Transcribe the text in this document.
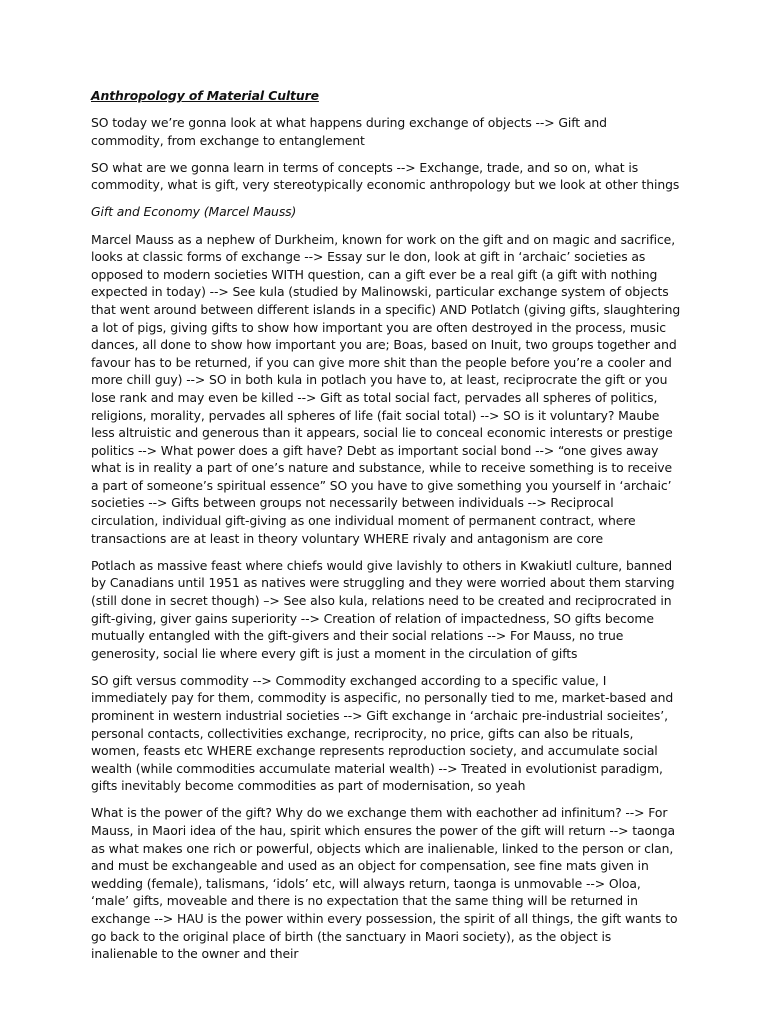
Anthropology of Material Culture

SO today we’re gonna look at what happens during exchange of objects --> Gift and commodity, from exchange to entanglement

SO what are we gonna learn in terms of concepts --> Exchange, trade, and so on, what is commodity, what is gift, very stereotypically economic anthropology but we look at other things

Gift and Economy (Marcel Mauss)

Marcel Mauss as a nephew of Durkheim, known for work on the gift and on magic and sacrifice, looks at classic forms of exchange --> Essay sur le don, look at gift in ‘archaic’ societies as opposed to modern societies WITH question, can a gift ever be a real gift (a gift with nothing expected in today) --> See kula (studied by Malinowski, particular exchange system of objects that went around between different islands in a specific) AND Potlatch (giving gifts, slaughtering a lot of pigs, giving gifts to show how important you are often destroyed in the process, music dances, all done to show how important you are; Boas, based on Inuit, two groups together and favour has to be returned, if you can give more shit than the people before you’re a cooler and more chill guy) --> SO in both kula in potlach you have to, at least, reciprocrate the gift or you lose rank and may even be killed --> Gift as total social fact, pervades all spheres of politics, religions, morality, pervades all spheres of life (fait social total) --> SO is it voluntary? Maube less altruistic and generous than it appears, social lie to conceal economic interests or prestige politics --> What power does a gift have? Debt as important social bond --> “one gives away what is in reality a part of one’s nature and substance, while to receive something is to receive a part of someone’s spiritual essence” SO you have to give something you yourself in ‘archaic’ societies --> Gifts between groups not necessarily between individuals --> Reciprocal circulation, individual gift-giving as one individual moment of permanent contract, where transactions are at least in theory voluntary WHERE rivaly and antagonism are core

Potlach as massive feast where chiefs would give lavishly to others in Kwakiutl culture, banned by Canadians until 1951 as natives were struggling and they were worried about them starving (still done in secret though) –> See also kula, relations need to be created and reciprocrated in gift-giving, giver gains superiority --> Creation of relation of impactedness, SO gifts become mutually entangled with the gift-givers and their social relations --> For Mauss, no true generosity, social lie where every gift is just a moment in the circulation of gifts

SO gift versus commodity --> Commodity exchanged according to a specific value, I immediately pay for them, commodity is aspecific, no personally tied to me, market-based and prominent in western industrial societies --> Gift exchange in ‘archaic pre-industrial socieites’, personal contacts, collectivities exchange, recriprocity, no price, gifts can also be rituals, women, feasts etc WHERE exchange represents reproduction society, and accumulate social wealth (while commodities accumulate material wealth) --> Treated in evolutionist paradigm, gifts inevitably become commodities as part of modernisation, so yeah

What is the power of the gift? Why do we exchange them with eachother ad infinitum? --> For Mauss, in Maori idea of the hau, spirit which ensures the power of the gift will return --> taonga as what makes one rich or powerful, objects which are inalienable, linked to the person or clan, and must be exchangeable and used as an object for compensation, see fine mats given in wedding (female), talismans, ‘idols’ etc, will always return, taonga is unmovable --> Oloa, ‘male’ gifts, moveable and there is no expectation that the same thing will be returned in exchange --> HAU is the power within every possession, the spirit of all things, the gift wants to go back to the original place of birth (the sanctuary in Maori society), as the object is inalienable to the owner and their
